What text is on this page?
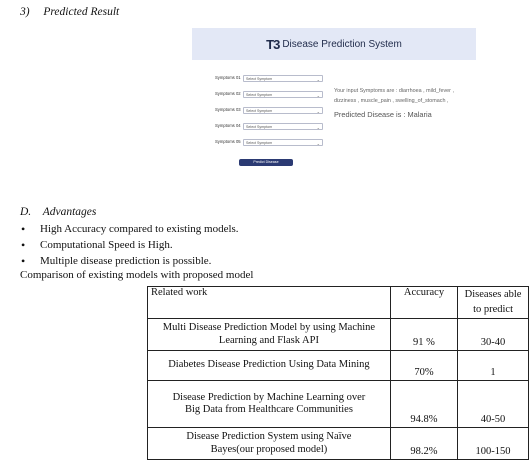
3) Predicted Result
T3 Disease Prediction System
Symptoms 01	Select Symptom	⌄
Symptoms 02	Select Symptom	⌄
Symptoms 03	Select Symptom	⌄
Symptoms 04	Select Symptom	⌄
Symptoms 05	Select Symptom	⌄
Predict Disease
Your input Symptoms are : diarrhoea , mild_fever , dizziness , muscle_pain , swelling_of_stomach ,
Predicted Disease is : Malaria
D. Advantages
• High Accuracy compared to existing models.
• Computational Speed is High.
• Multiple disease prediction is possible.
Comparison of existing models with proposed model
Related work	Accuracy	Diseases able to predict
Multi Disease Prediction Model by using Machine Learning and Flask API	91 %	30-40
Diabetes Disease Prediction Using Data Mining	70%	1
Disease Prediction by Machine Learning over Big Data from Healthcare Communities	94.8%	40-50
Disease Prediction System using Naïve Bayes(our proposed model)	98.2%	100-150
